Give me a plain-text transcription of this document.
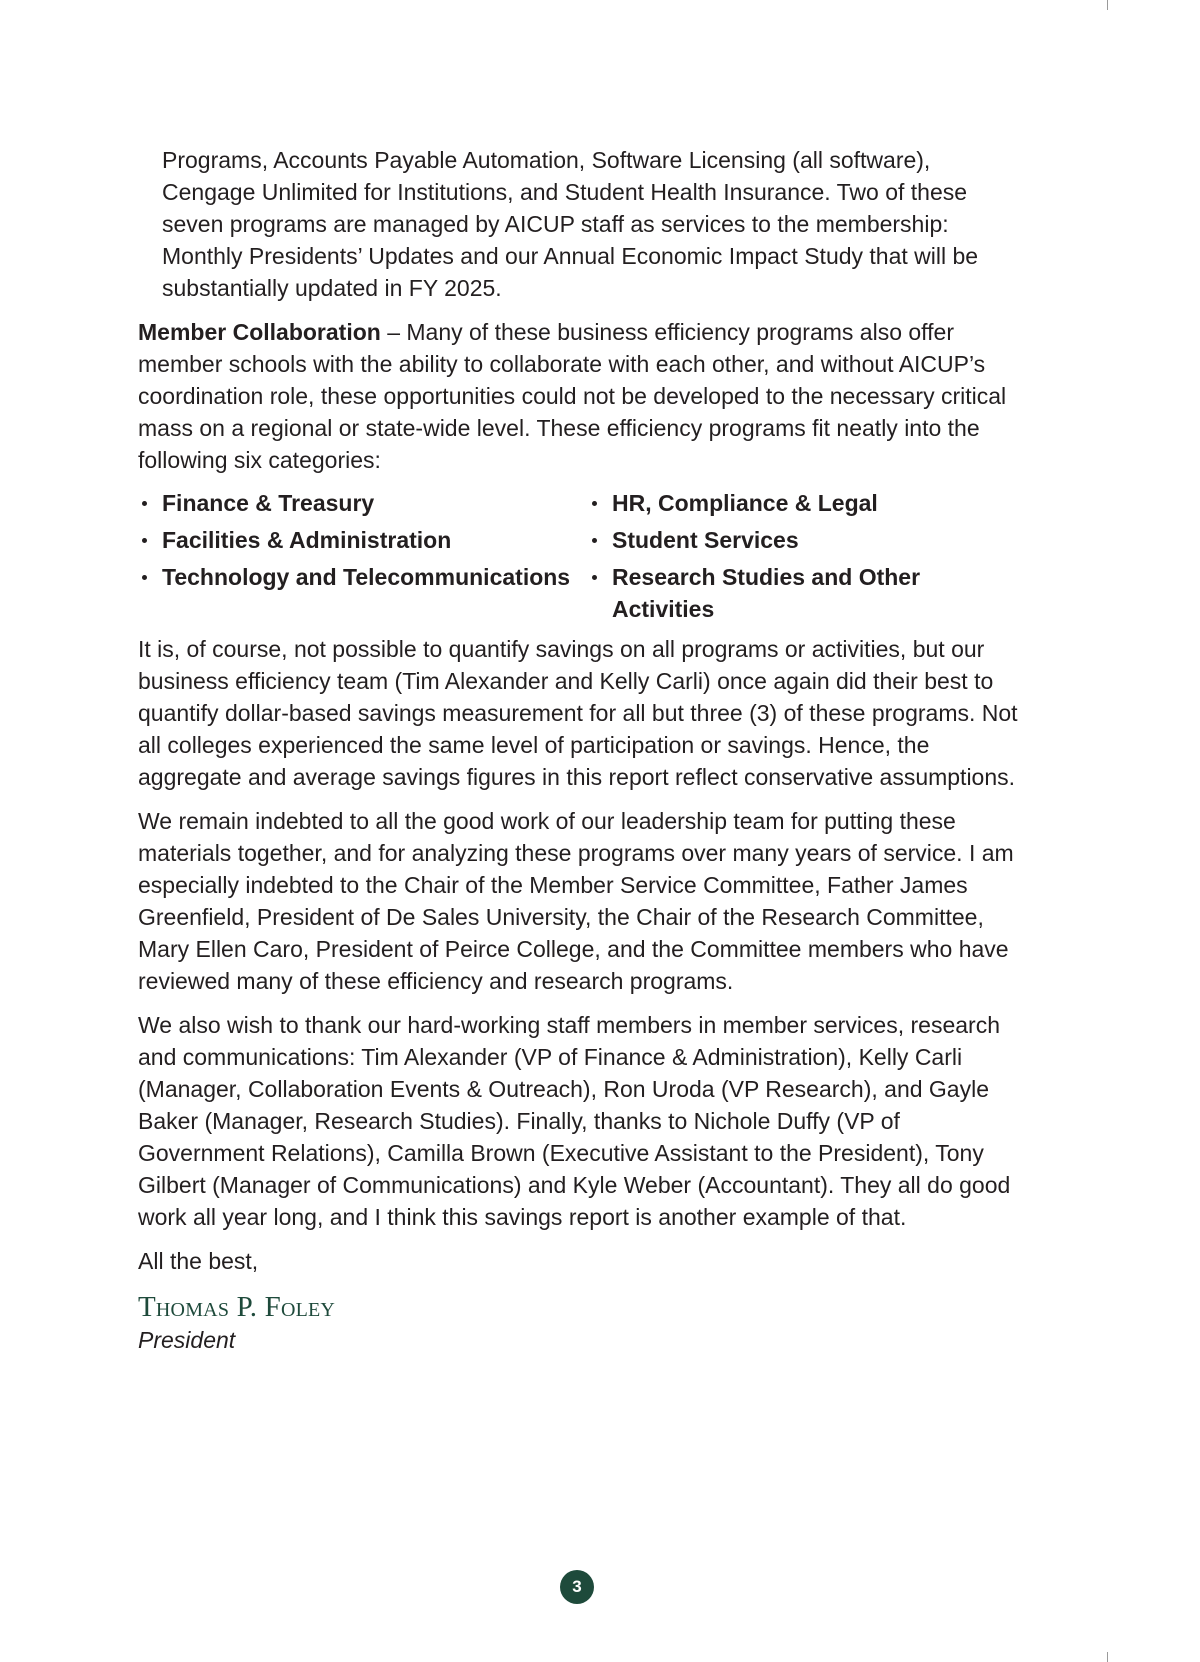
Programs, Accounts Payable Automation, Software Licensing (all software), Cengage Unlimited for Institutions, and Student Health Insurance. Two of these seven programs are managed by AICUP staff as services to the membership: Monthly Presidents’ Updates and our Annual Economic Impact Study that will be substantially updated in FY 2025.

Member Collaboration – Many of these business efficiency programs also offer member schools with the ability to collaborate with each other, and without AICUP’s coordination role, these opportunities could not be developed to the necessary critical mass on a regional or state-wide level. These efficiency programs fit neatly into the following six categories:

Finance & Treasury	HR, Compliance & Legal
Facilities & Administration	Student Services
Technology and Telecommunications	Research Studies and Other Activities

It is, of course, not possible to quantify savings on all programs or activities, but our business efficiency team (Tim Alexander and Kelly Carli) once again did their best to quantify dollar-based savings measurement for all but three (3) of these programs. Not all colleges experienced the same level of participation or savings. Hence, the aggregate and average savings figures in this report reflect conservative assumptions.

We remain indebted to all the good work of our leadership team for putting these materials together, and for analyzing these programs over many years of service. I am especially indebted to the Chair of the Member Service Committee, Father James Greenfield, President of De Sales University, the Chair of the Research Committee, Mary Ellen Caro, President of Peirce College, and the Committee members who have reviewed many of these efficiency and research programs.

We also wish to thank our hard-working staff members in member services, research and communications: Tim Alexander (VP of Finance & Administration), Kelly Carli (Manager, Collaboration Events & Outreach), Ron Uroda (VP Research), and Gayle Baker (Manager, Research Studies). Finally, thanks to Nichole Duffy (VP of Government Relations), Camilla Brown (Executive Assistant to the President), Tony Gilbert (Manager of Communications) and Kyle Weber (Accountant). They all do good work all year long, and I think this savings report is another example of that.

All the best,

Thomas P. Foley
President
3
